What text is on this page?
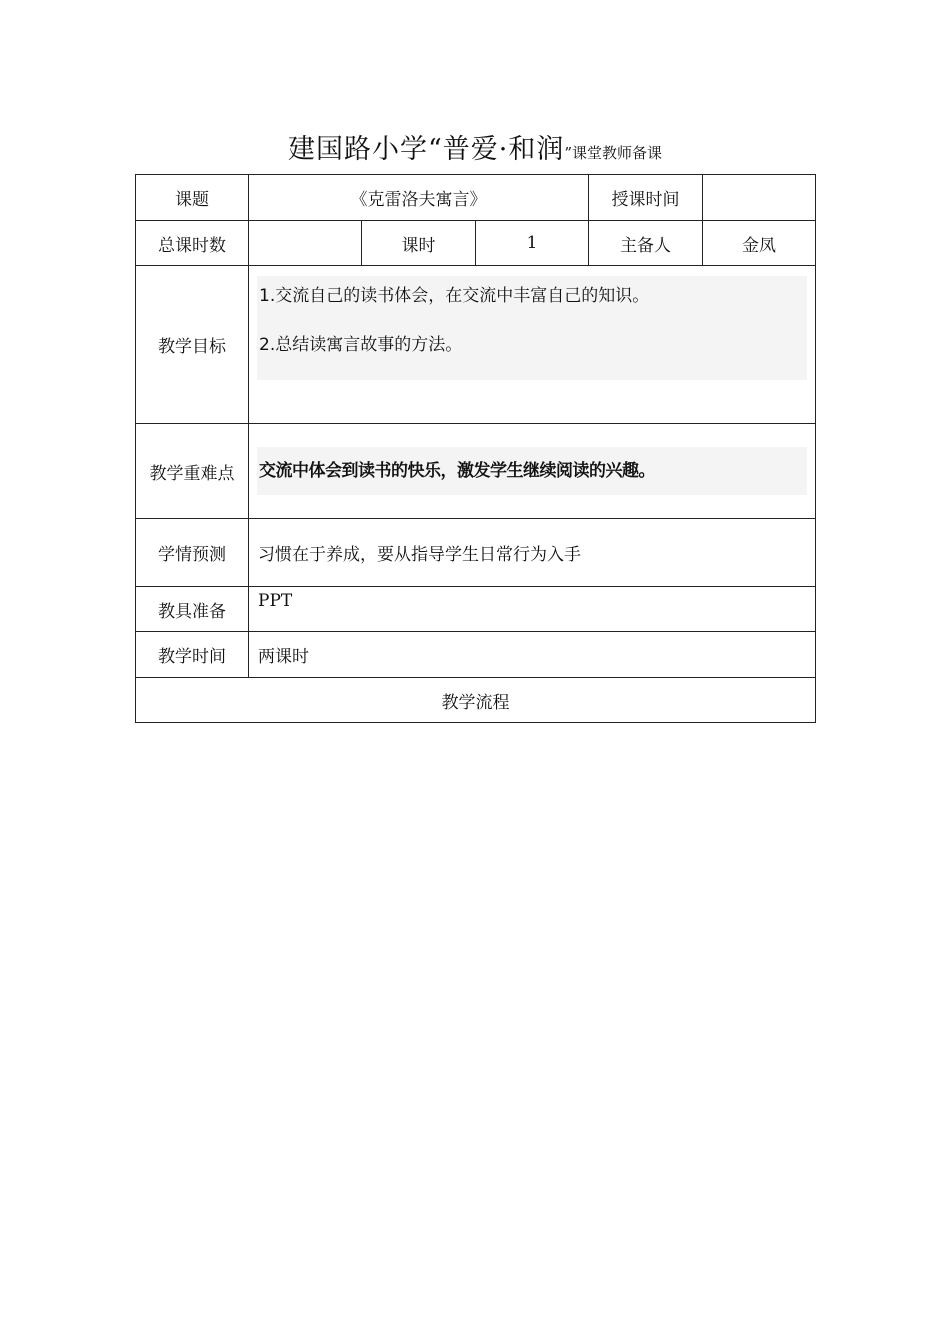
建国路小学“普爱·和润”课堂教师备课
课题	《克雷洛夫寓言》			授课时间	
总课时数		课时	1	主备人	金凤
教学目标	1.交流自己的读书体会，在交流中丰富自己的知识。
2.总结读寓言故事的方法。				

教学重难点	交流中体会到读书的快乐，激发学生继续阅读的兴趣。				

学情预测	习惯在于养成，要从指导学生日常行为入手				
教具准备	PPT				
教学时间	两课时				
教学流程					
